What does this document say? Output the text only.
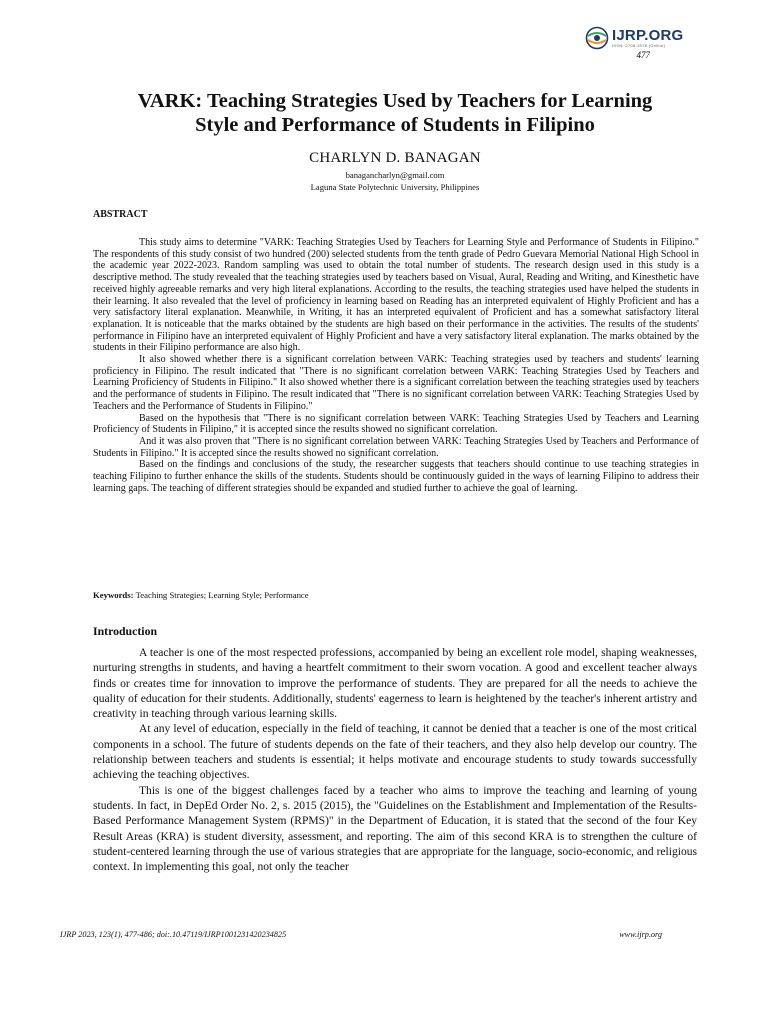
IJRP.ORG
ISSN: 2708-3578 (Online)
477
VARK: Teaching Strategies Used by Teachers for Learning
Style and Performance of Students in Filipino
CHARLYN D. BANAGAN
banagancharlyn@gmail.com
Laguna State Polytechnic University, Philippines
ABSTRACT

This study aims to determine "VARK: Teaching Strategies Used by Teachers for Learning Style and Performance of Students in Filipino." The respondents of this study consist of two hundred (200) selected students from the tenth grade of Pedro Guevara Memorial National High School in the academic year 2022-2023. Random sampling was used to obtain the total number of students. The research design used in this study is a descriptive method. The study revealed that the teaching strategies used by teachers based on Visual, Aural, Reading and Writing, and Kinesthetic have received highly agreeable remarks and very high literal explanations. According to the results, the teaching strategies used have helped the students in their learning. It also revealed that the level of proficiency in learning based on Reading has an interpreted equivalent of Highly Proficient and has a very satisfactory literal explanation. Meanwhile, in Writing, it has an interpreted equivalent of Proficient and has a somewhat satisfactory literal explanation. It is noticeable that the marks obtained by the students are high based on their performance in the activities. The results of the students' performance in Filipino have an interpreted equivalent of Highly Proficient and have a very satisfactory literal explanation. The marks obtained by the students in their Filipino performance are also high.

It also showed whether there is a significant correlation between VARK: Teaching strategies used by teachers and students' learning proficiency in Filipino. The result indicated that "There is no significant correlation between VARK: Teaching Strategies Used by Teachers and Learning Proficiency of Students in Filipino." It also showed whether there is a significant correlation between the teaching strategies used by teachers and the performance of students in Filipino. The result indicated that "There is no significant correlation between VARK: Teaching Strategies Used by Teachers and the Performance of Students in Filipino."

Based on the hypothesis that "There is no significant correlation between VARK: Teaching Strategies Used by Teachers and Learning Proficiency of Students in Filipino," it is accepted since the results showed no significant correlation.

And it was also proven that "There is no significant correlation between VARK: Teaching Strategies Used by Teachers and Performance of Students in Filipino." It is accepted since the results showed no significant correlation.

Based on the findings and conclusions of the study, the researcher suggests that teachers should continue to use teaching strategies in teaching Filipino to further enhance the skills of the students. Students should be continuously guided in the ways of learning Filipino to address their learning gaps. The teaching of different strategies should be expanded and studied further to achieve the goal of learning.

Keywords: Teaching Strategies; Learning Style; Performance
Introduction

A teacher is one of the most respected professions, accompanied by being an excellent role model, shaping weaknesses, nurturing strengths in students, and having a heartfelt commitment to their sworn vocation. A good and excellent teacher always finds or creates time for innovation to improve the performance of students. They are prepared for all the needs to achieve the quality of education for their students. Additionally, students' eagerness to learn is heightened by the teacher's inherent artistry and creativity in teaching through various learning skills.

At any level of education, especially in the field of teaching, it cannot be denied that a teacher is one of the most critical components in a school. The future of students depends on the fate of their teachers, and they also help develop our country. The relationship between teachers and students is essential; it helps motivate and encourage students to study towards successfully achieving the teaching objectives.

This is one of the biggest challenges faced by a teacher who aims to improve the teaching and learning of young students. In fact, in DepEd Order No. 2, s. 2015 (2015), the "Guidelines on the Establishment and Implementation of the Results-Based Performance Management System (RPMS)" in the Department of Education, it is stated that the second of the four Key Result Areas (KRA) is student diversity, assessment, and reporting. The aim of this second KRA is to strengthen the culture of student-centered learning through the use of various strategies that are appropriate for the language, socio-economic, and religious context. In implementing this goal, not only the teacher

IJRP 2023, 123(1), 477-486; doi:.10.47119/IJRP1001231420234825	www.ijrp.org
